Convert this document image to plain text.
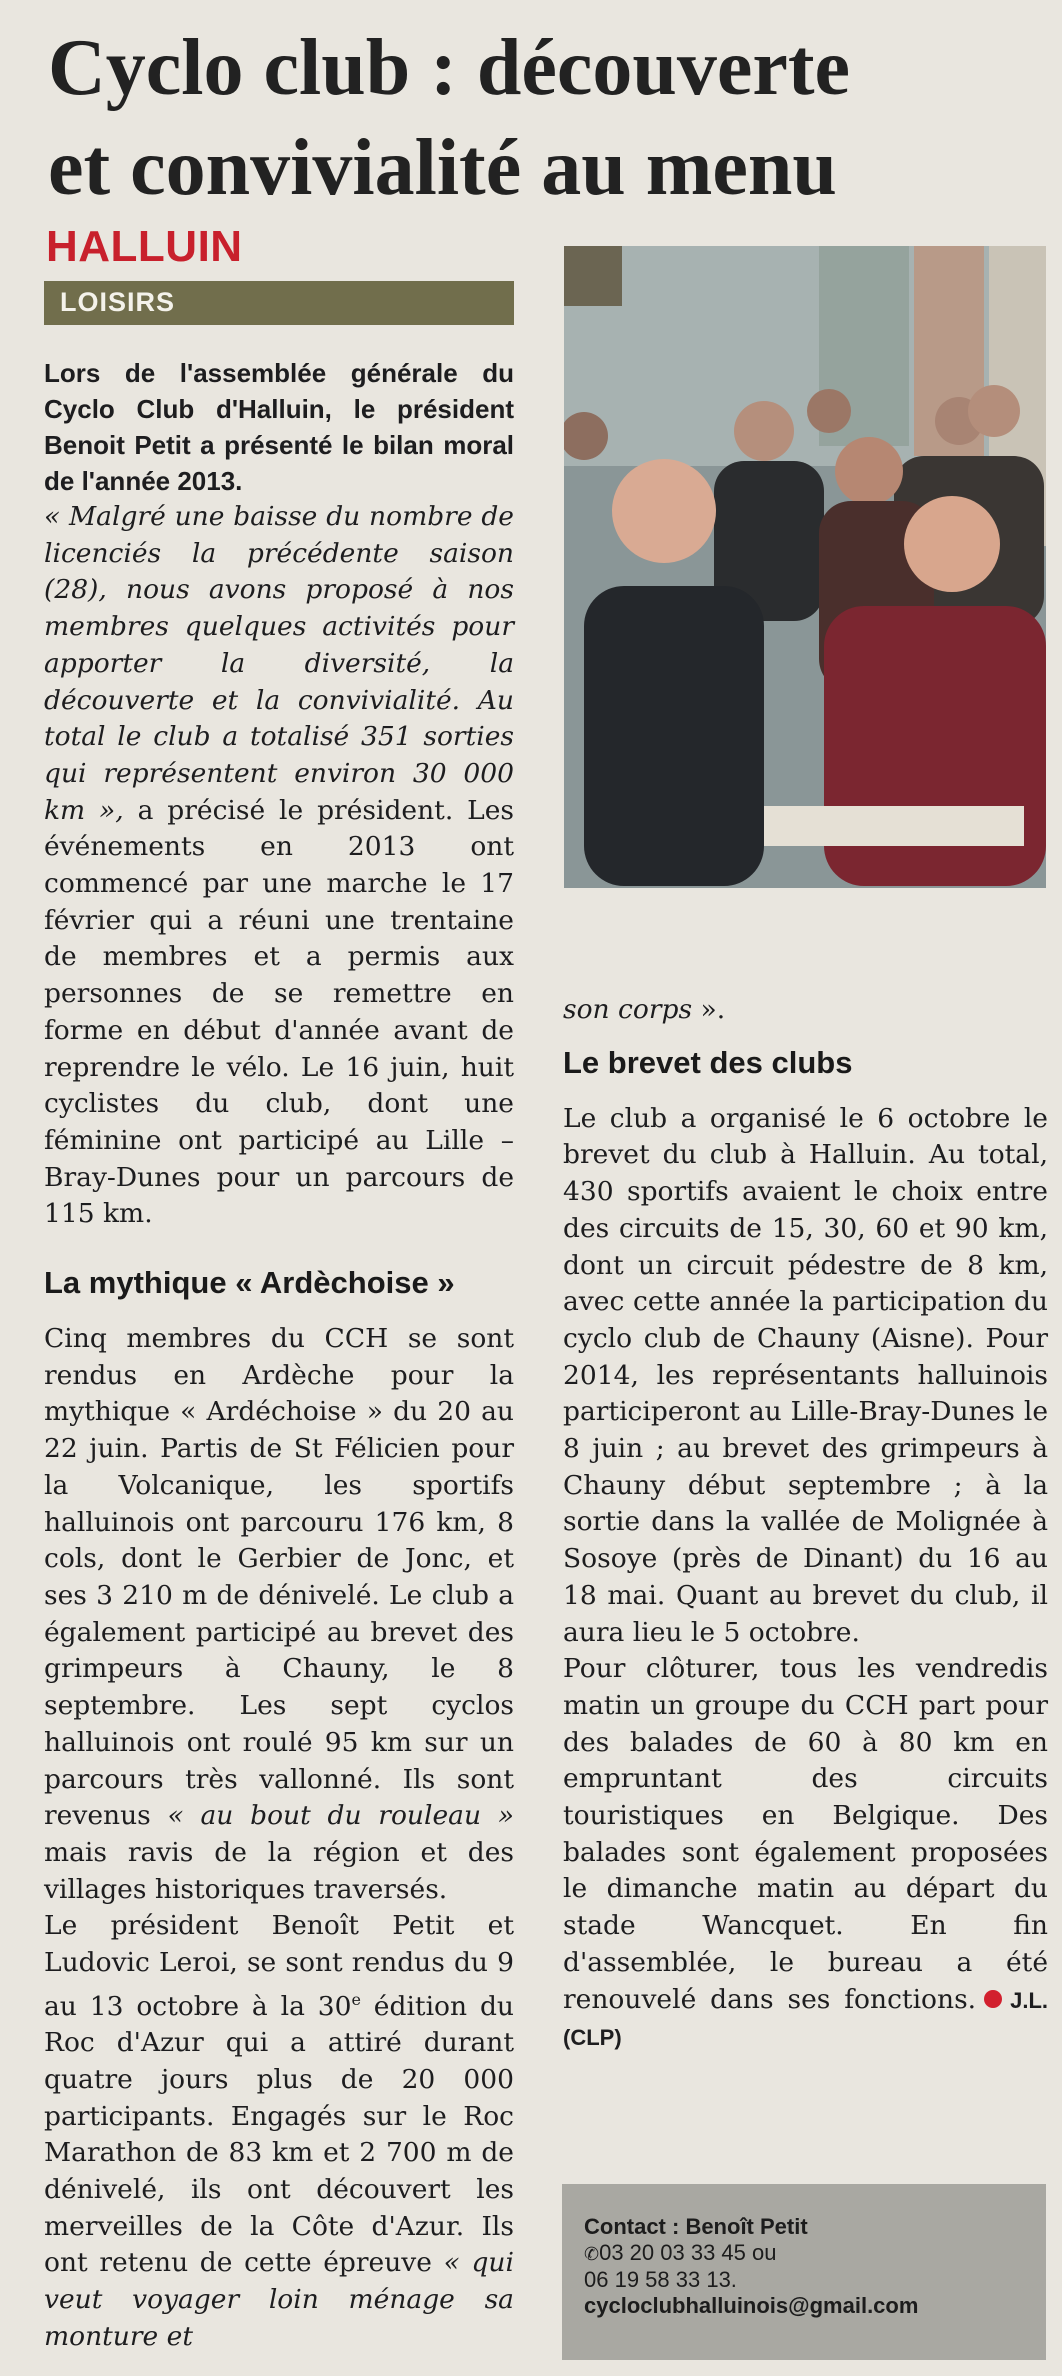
Cyclo club : découverte
et convivialité au menu
HALLUIN
LOISIRS

Lors de l'assemblée générale du Cyclo Club d'Halluin, le président Benoit Petit a présenté le bilan moral de l'année 2013.

« Malgré une baisse du nombre de licenciés la précédente saison (28), nous avons proposé à nos membres quelques activités pour apporter la diversité, la découverte et la convivialité. Au total le club a totalisé 351 sorties qui représentent environ 30 000 km », a précisé le président. Les événements en 2013 ont commencé par une marche le 17 février qui a réuni une trentaine de membres et a permis aux personnes de se remettre en forme en début d'année avant de reprendre le vélo. Le 16 juin, huit cyclistes du club, dont une féminine ont participé au Lille – Bray-Dunes pour un parcours de 115 km.

La mythique « Ardèchoise »

Cinq membres du CCH se sont rendus en Ardèche pour la mythique « Ardéchoise » du 20 au 22 juin. Partis de St Félicien pour la Volcanique, les sportifs halluinois ont parcouru 176 km, 8 cols, dont le Gerbier de Jonc, et ses 3 210 m de dénivelé. Le club a également participé au brevet des grimpeurs à Chauny, le 8 septembre. Les sept cyclos halluinois ont roulé 95 km sur un parcours très vallonné. Ils sont revenus « au bout du rouleau » mais ravis de la région et des villages historiques traversés.

Le président Benoît Petit et Ludovic Leroi, se sont rendus du 9 au 13 octobre à la 30e édition du Roc d'Azur qui a attiré durant quatre jours plus de 20 000 participants. Engagés sur le Roc Marathon de 83 km et 2 700 m de dénivelé, ils ont découvert les merveilles de la Côte d'Azur. Ils ont retenu de cette épreuve « qui veut voyager loin ménage sa monture et

son corps ».

Le brevet des clubs

Le club a organisé le 6 octobre le brevet du club à Halluin. Au total, 430 sportifs avaient le choix entre des circuits de 15, 30, 60 et 90 km, dont un circuit pédestre de 8 km, avec cette année la participation du cyclo club de Chauny (Aisne). Pour 2014, les représentants halluinois participeront au Lille-Bray-Dunes le 8 juin ; au brevet des grimpeurs à Chauny début septembre ; à la sortie dans la vallée de Molignée à Sosoye (près de Dinant) du 16 au 18 mai. Quant au brevet du club, il aura lieu le 5 octobre.

Pour clôturer, tous les vendredis matin un groupe du CCH part pour des balades de 60 à 80 km en empruntant des circuits touristiques en Belgique. Des balades sont également proposées le dimanche matin au départ du stade Wancquet. En fin d'assemblée, le bureau a été renouvelé dans ses fonctions. J.L. (CLP)

Contact : Benoît Petit
✆03 20 03 33 45 ou
06 19 58 33 13.
cycloclubhalluinois@gmail.com
